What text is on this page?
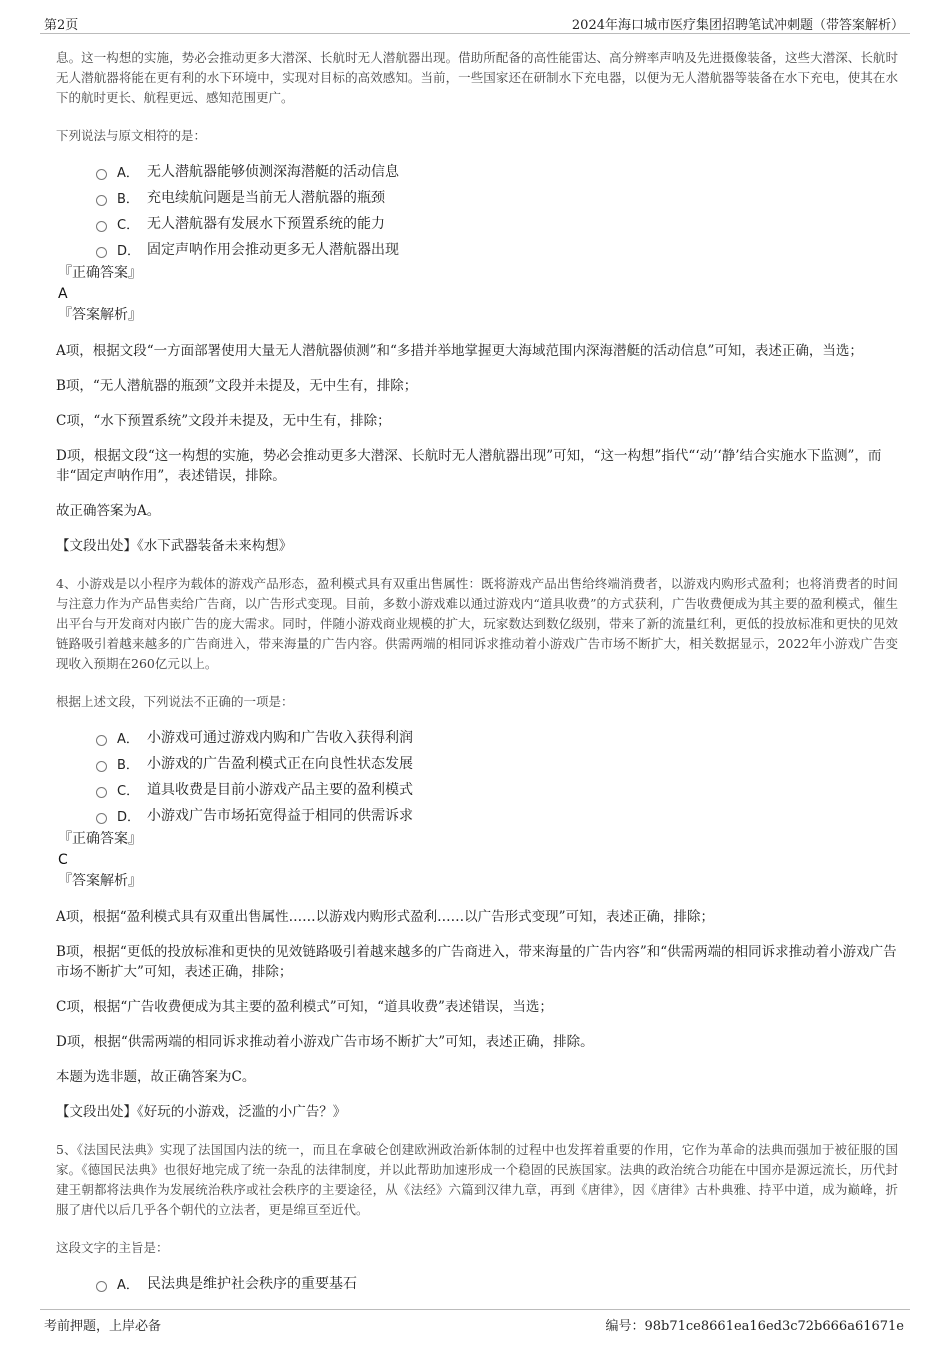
第2页	2024年海口城市医疗集团招聘笔试冲刺题（带答案解析）

息。这一构想的实施，势必会推动更多大潜深、长航时无人潜航器出现。借助所配备的高性能雷达、高分辨率声呐及先进摄像装备，这些大潜深、长航时无人潜航器将能在更有利的水下环境中，实现对目标的高效感知。当前，一些国家还在研制水下充电器，以便为无人潜航器等装备在水下充电，使其在水下的航时更长、航程更远、感知范围更广。

下列说法与原文相符的是：

A． 无人潜航器能够侦测深海潜艇的活动信息
B． 充电续航问题是当前无人潜航器的瓶颈
C． 无人潜航器有发展水下预置系统的能力
D． 固定声呐作用会推动更多无人潜航器出现
『正确答案』
A
『答案解析』

A项，根据文段“一方面部署使用大量无人潜航器侦测”和“多措并举地掌握更大海域范围内深海潜艇的活动信息”可知，表述正确，当选；

B项，“无人潜航器的瓶颈”文段并未提及，无中生有，排除；

C项，“水下预置系统”文段并未提及，无中生有，排除；

D项，根据文段“这一构想的实施，势必会推动更多大潜深、长航时无人潜航器出现”可知，“这一构想”指代“‘动’‘静’结合实施水下监测”，而非“固定声呐作用”，表述错误，排除。

故正确答案为A。

【文段出处】《水下武器装备未来构想》

4、小游戏是以小程序为载体的游戏产品形态，盈利模式具有双重出售属性：既将游戏产品出售给终端消费者，以游戏内购形式盈利；也将消费者的时间与注意力作为产品售卖给广告商，以广告形式变现。目前，多数小游戏难以通过游戏内“道具收费”的方式获利，广告收费便成为其主要的盈利模式，催生出平台与开发商对内嵌广告的庞大需求。同时，伴随小游戏商业规模的扩大，玩家数达到数亿级别，带来了新的流量红利，更低的投放标准和更快的见效链路吸引着越来越多的广告商进入，带来海量的广告内容。供需两端的相同诉求推动着小游戏广告市场不断扩大，相关数据显示，2022年小游戏广告变现收入预期在260亿元以上。

根据上述文段，下列说法不正确的一项是：

A． 小游戏可通过游戏内购和广告收入获得利润
B． 小游戏的广告盈利模式正在向良性状态发展
C． 道具收费是目前小游戏产品主要的盈利模式
D． 小游戏广告市场拓宽得益于相同的供需诉求
『正确答案』
C
『答案解析』

A项，根据“盈利模式具有双重出售属性……以游戏内购形式盈利……以广告形式变现”可知，表述正确，排除；

B项，根据“更低的投放标准和更快的见效链路吸引着越来越多的广告商进入，带来海量的广告内容”和“供需两端的相同诉求推动着小游戏广告市场不断扩大”可知，表述正确，排除；

C项，根据“广告收费便成为其主要的盈利模式”可知，“道具收费”表述错误，当选；

D项，根据“供需两端的相同诉求推动着小游戏广告市场不断扩大”可知，表述正确，排除。

本题为选非题，故正确答案为C。

【文段出处】《好玩的小游戏，泛滥的小广告？》

5、《法国民法典》实现了法国国内法的统一，而且在拿破仑创建欧洲政治新体制的过程中也发挥着重要的作用，它作为革命的法典而强加于被征服的国家。《德国民法典》也很好地完成了统一杂乱的法律制度，并以此帮助加速形成一个稳固的民族国家。法典的政治统合功能在中国亦是源远流长，历代封建王朝都将法典作为发展统治秩序或社会秩序的主要途径，从《法经》六篇到汉律九章，再到《唐律》，因《唐律》古朴典雅、持平中道，成为巅峰，折服了唐代以后几乎各个朝代的立法者，更是绵亘至近代。

这段文字的主旨是：

A． 民法典是维护社会秩序的重要基石
考前押题，上岸必备	编号：98b71ce8661ea16ed3c72b666a61671e
